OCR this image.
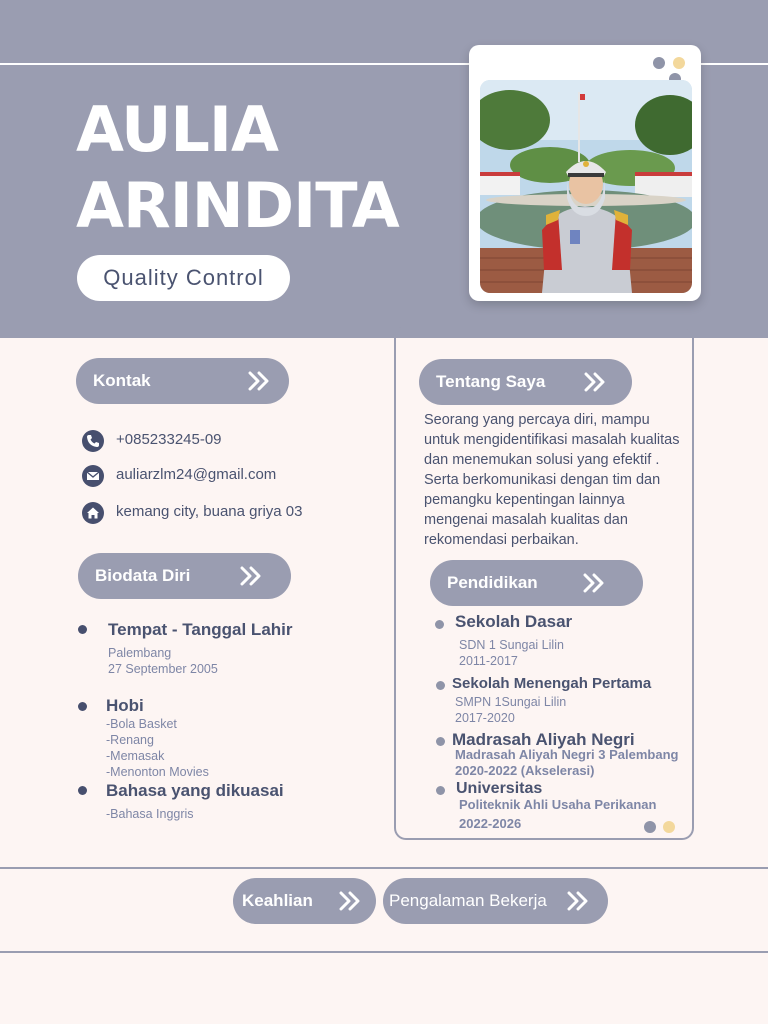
AULIA
ARINDITA
Quality Control
Kontak
+085233245-09
auliarzlm24@gmail.com
kemang city, buana griya 03
Biodata Diri
Tempat - Tanggal Lahir
Palembang
27 September 2005
Hobi
-Bola Basket
-Renang
-Memasak
-Menonton Movies
Bahasa yang dikuasai
-Bahasa Inggris
Tentang Saya

Seorang yang percaya diri, mampu untuk mengidentifikasi masalah kualitas dan menemukan solusi yang efektif . Serta berkomunikasi dengan tim dan pemangku kepentingan lainnya mengenai masalah kualitas dan rekomendasi perbaikan.

Pendidikan
Sekolah Dasar
SDN 1 Sungai Lilin
2011-2017
Sekolah Menengah Pertama
SMPN 1Sungai Lilin
2017-2020
Madrasah Aliyah Negri
Madrasah Aliyah Negri 3 Palembang
2020-2022 (Akselerasi)
Universitas
Politeknik Ahli Usaha Perikanan
2022-2026
Keahlian	Pengalaman Bekerja
